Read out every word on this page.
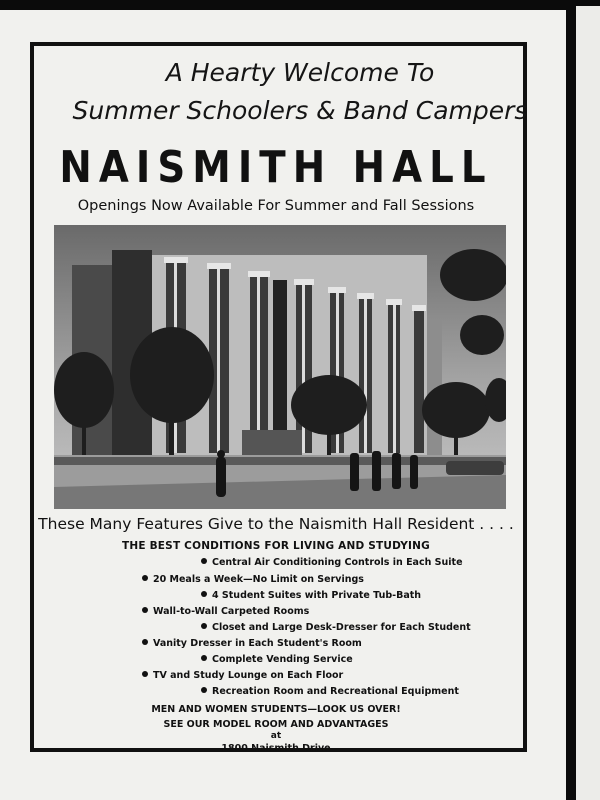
A Hearty Welcome To
Summer Schoolers & Band Campers
NAISMITH HALL
Openings Now Available For Summer and Fall Sessions
These Many Features Give to the Naismith Hall Resident . . . .
THE BEST CONDITIONS FOR LIVING AND STUDYING
Central Air Conditioning Controls in Each Suite
20 Meals a Week—No Limit on Servings
4 Student Suites with Private Tub-Bath
Wall-to-Wall Carpeted Rooms
Closet and Large Desk-Dresser for Each Student
Vanity Dresser in Each Student's Room
Complete Vending Service
TV and Study Lounge on Each Floor
Recreation Room and Recreational Equipment
MEN AND WOMEN STUDENTS—LOOK US OVER!
SEE OUR MODEL ROOM AND ADVANTAGES
at
1800 Naismith Drive
